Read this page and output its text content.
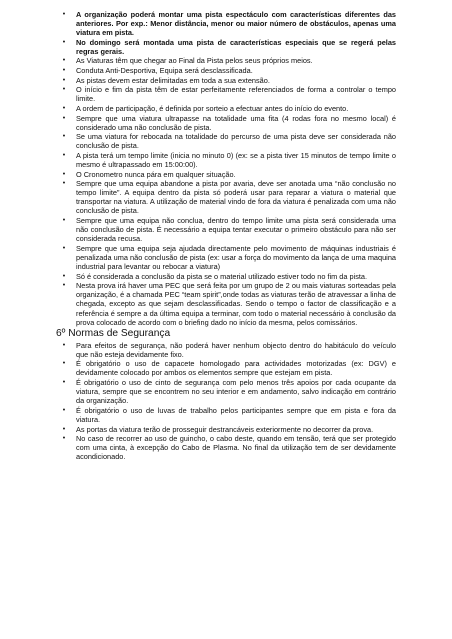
•	A organização poderá montar uma pista espectáculo com características diferentes das anteriores. Por exp.: Menor distância, menor ou maior número de obstáculos, apenas uma viatura em pista.
•	No domingo será montada uma pista de características especiais que se regerá pelas regras gerais.
•	As Viaturas têm que chegar ao Final da Pista pelos seus próprios meios.
•	Conduta Anti-Desportiva, Equipa será desclassificada.
•	As pistas devem estar delimitadas em toda a sua extensão.
•	O início e fim da pista têm de estar perfeitamente referenciados de forma a controlar o tempo limite.
•	A ordem de participação, é definida por sorteio a efectuar antes do início do evento.
•	Sempre que uma viatura ultrapasse na totalidade uma fita (4 rodas fora no mesmo local) é considerado uma não conclusão de pista.
•	Se uma viatura for rebocada na totalidade do percurso de uma pista deve ser considerada não conclusão de pista.
•	A pista terá um tempo limite (inicia no minuto 0) (ex: se a pista tiver 15 minutos de tempo limite o mesmo é ultrapassado em 15:00:00).
•	O Cronometro nunca pára em qualquer situação.
•	Sempre que uma equipa abandone a pista por avaria, deve ser anotada uma “não conclusão no tempo limite”. A equipa dentro da pista só poderá usar para reparar a viatura o material que transportar na viatura. A utilização de material vindo de fora da viatura é penalizada com uma não conclusão de pista.
•	Sempre que uma equipa não conclua, dentro do tempo limite uma pista será considerada uma não conclusão de pista. É necessário a equipa tentar executar o primeiro obstáculo para não ser considerada recusa.
•	Sempre que uma equipa seja ajudada directamente pelo movimento de máquinas industriais é penalizada uma não conclusão de pista (ex: usar a força do movimento da lança de uma maquina industrial para levantar ou rebocar a viatura)
•	Só é considerada a conclusão da pista se o material utilizado estiver todo no fim da pista.
•	Nesta prova irá haver uma PEC que será feita por um grupo de 2 ou mais viaturas sorteadas pela organização, é a chamada PEC “team spirit”,onde todas as viaturas terão de atravessar a linha de chegada, excepto as que sejam desclassificadas. Sendo o tempo o factor de classificação e a referência é sempre a da última equipa a terminar, com todo o material necessário à conclusão da prova colocado de acordo com o briefing dado no início da mesma, pelos comissários.
6º Normas de Segurança
•	Para efeitos de segurança, não poderá haver nenhum objecto dentro do habitáculo do veículo que não esteja devidamente fixo.
•	É obrigatório o uso de capacete homologado para actividades motorizadas (ex: DGV) e devidamente colocado por ambos os elementos sempre que estejam em pista.
•	É obrigatório o uso de cinto de segurança com pelo menos três apoios por cada ocupante da viatura, sempre que se encontrem no seu interior e em andamento, salvo indicação em contrário da organização.
•	É obrigatório o uso de luvas de trabalho pelos participantes sempre que em pista e fora da viatura.
•	As portas da viatura terão de prosseguir destrancáveis exteriormente no decorrer da prova.
•	No caso de recorrer ao uso de guincho, o cabo deste, quando em tensão, terá que ser protegido com uma cinta, à excepção do Cabo de Plasma. No final da utilização tem de ser devidamente acondicionado.
